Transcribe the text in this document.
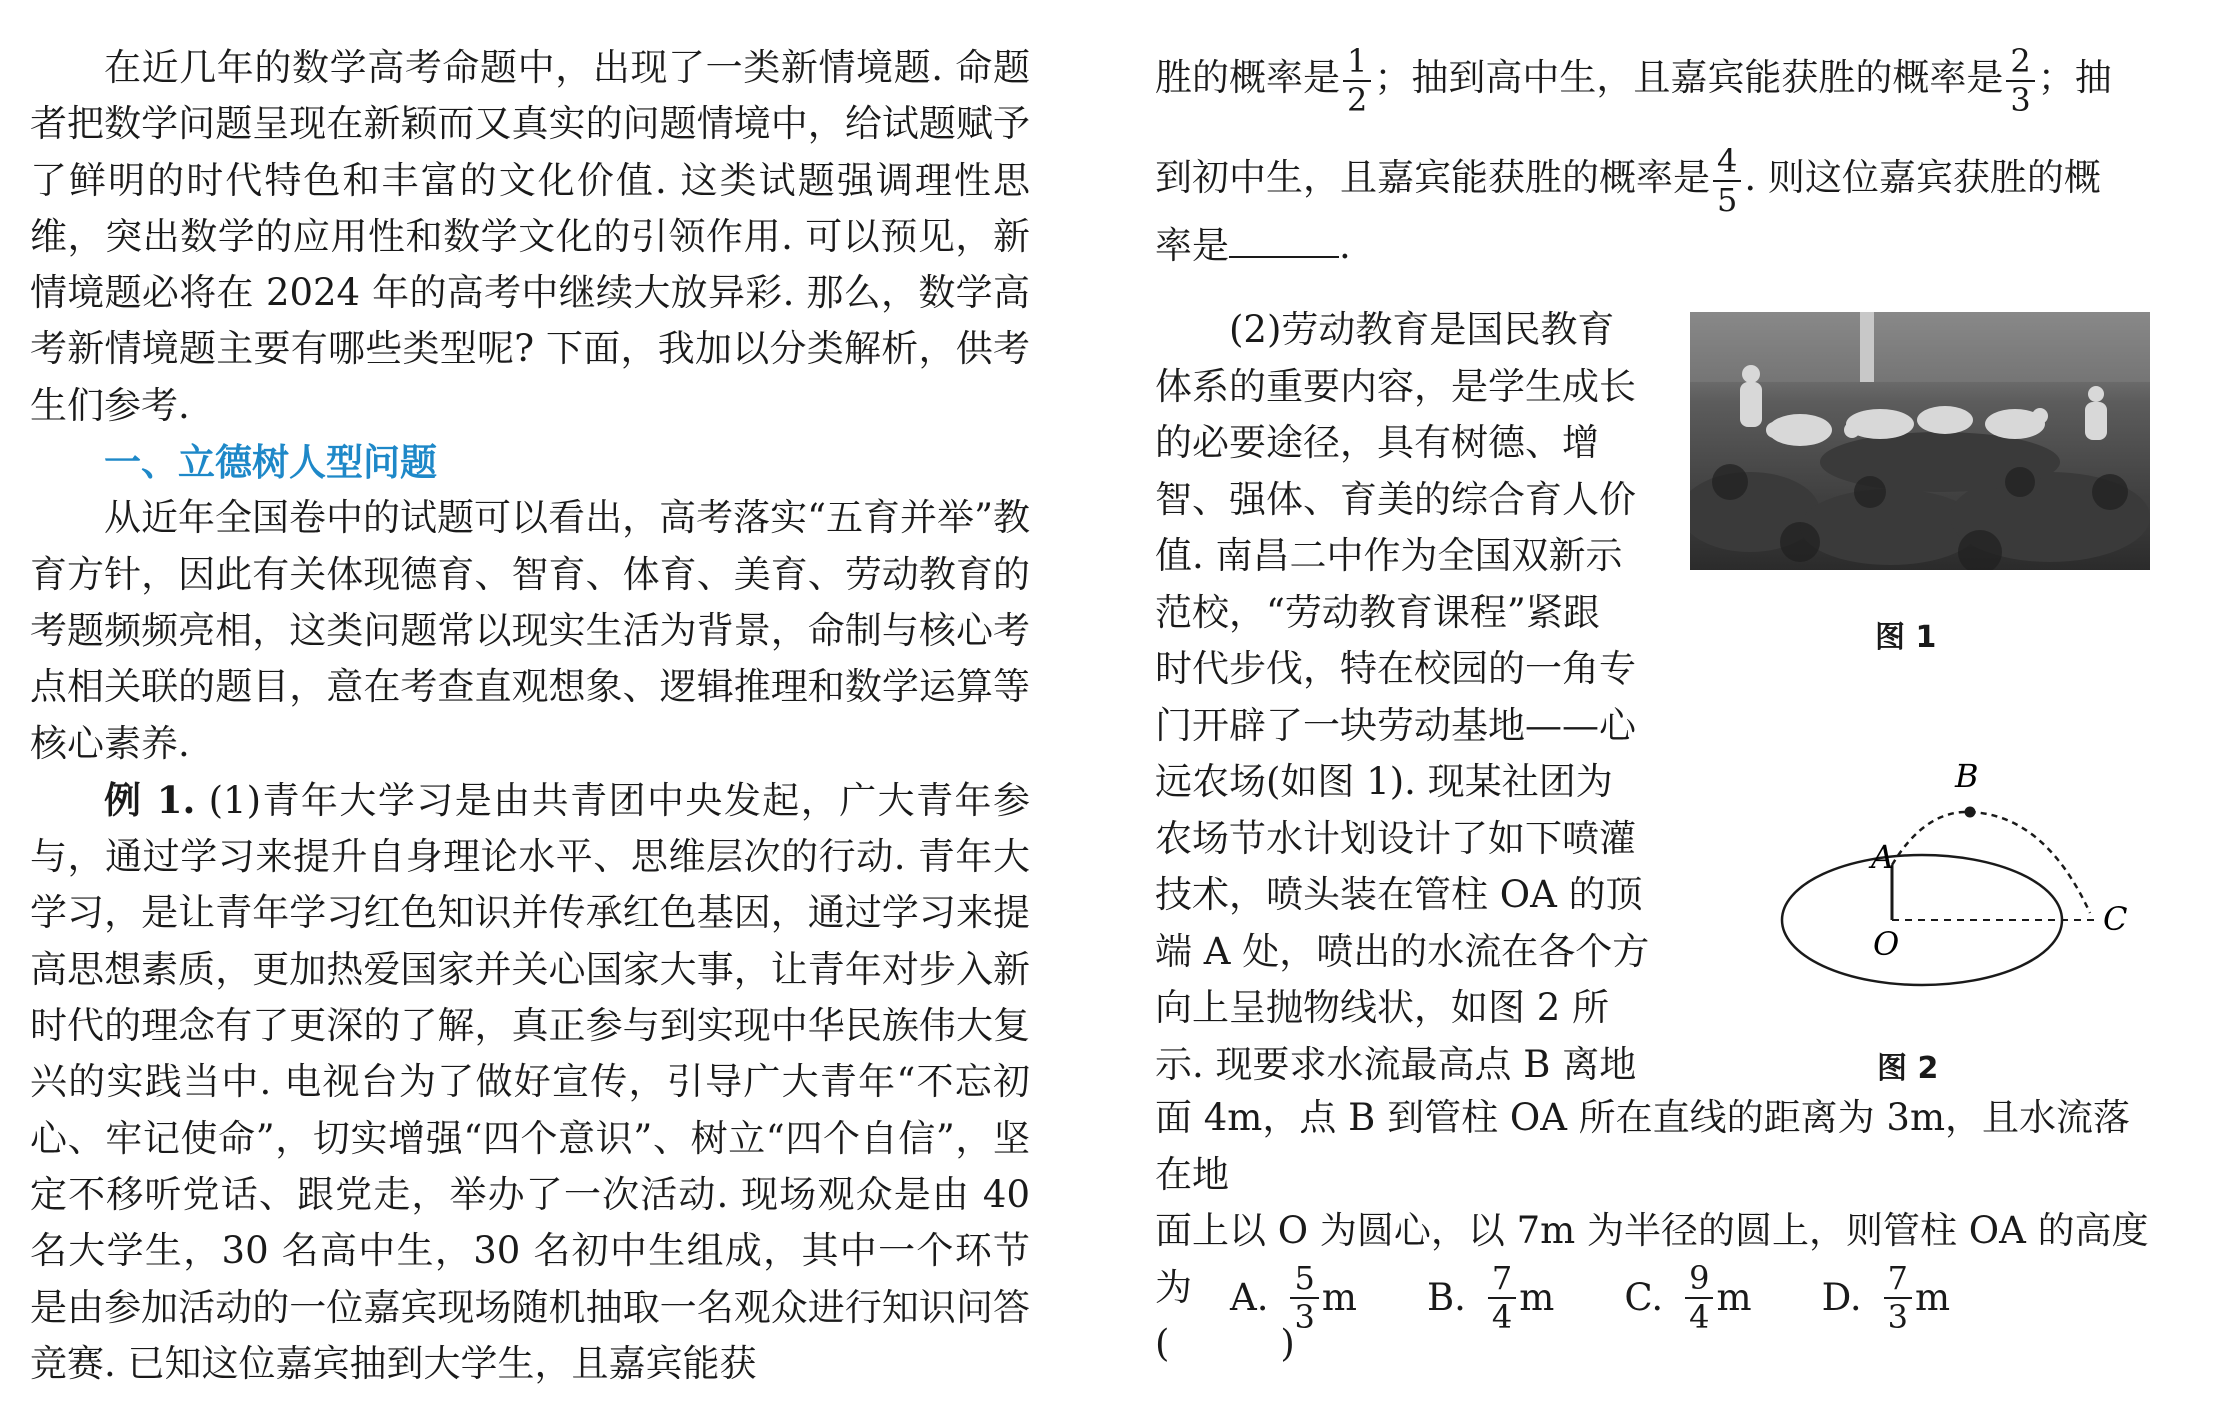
在近几年的数学高考命题中，出现了一类新情境题. 命题者把数学问题呈现在新颖而又真实的问题情境中，给试题赋予了鲜明的时代特色和丰富的文化价值. 这类试题强调理性思维，突出数学的应用性和数学文化的引领作用. 可以预见，新情境题必将在 2024 年的高考中继续大放异彩. 那么，数学高考新情境题主要有哪些类型呢? 下面，我加以分类解析，供考生们参考.

一、立德树人型问题

从近年全国卷中的试题可以看出，高考落实“五育并举”教育方针，因此有关体现德育、智育、体育、美育、劳动教育的考题频频亮相，这类问题常以现实生活为背景，命制与核心考点相关联的题目，意在考查直观想象、逻辑推理和数学运算等核心素养.

例 1. (1)青年大学习是由共青团中央发起，广大青年参与，通过学习来提升自身理论水平、思维层次的行动. 青年大学习，是让青年学习红色知识并传承红色基因，通过学习来提高思想素质，更加热爱国家并关心国家大事，让青年对步入新时代的理念有了更深的了解，真正参与到实现中华民族伟大复兴的实践当中. 电视台为了做好宣传，引导广大青年“不忘初心、牢记使命”，切实增强“四个意识”、树立“四个自信”，坚定不移听党话、跟党走，举办了一次活动. 现场观众是由 40 名大学生，30 名高中生，30 名初中生组成，其中一个环节是由参加活动的一位嘉宾现场随机抽取一名观众进行知识问答竞赛. 已知这位嘉宾抽到大学生，且嘉宾能获

胜的概率是 $\frac{1}{2}$ ；抽到高中生，且嘉宾能获胜的概率是 $\frac{2}{3}$ ；抽

到初中生，且嘉宾能获胜的概率是 $\frac{4}{5}$ . 则这位嘉宾获胜的概

率是	.

(2)劳动教育是国民教育
体系的重要内容，是学生成长
的必要途径，具有树德、增
智、强体、育美的综合育人价
值. 南昌二中作为全国双新示
范校，“劳动教育课程”紧跟
时代步伐，特在校园的一角专
门开辟了一块劳动基地——心
远农场(如图 1). 现某社团为
农场节水计划设计了如下喷灌
技术，喷头装在管柱 OA 的顶
端 A 处，喷出的水流在各个方
向上呈抛物线状，如图 2 所
示. 现要求水流最高点 B 离地
图 1
A
B
C
O
图 2
面 4m，点 B 到管柱 OA 所在直线的距离为 3m，且水流落在地
面上以 O 为圆心，以 7m 为半径的圆上，则管柱 OA 的高度为
(　　　)
A. $\frac{5}{3}$ m B. $\frac{7}{4}$ m C. $\frac{9}{4}$ m D. $\frac{7}{3}$ m
